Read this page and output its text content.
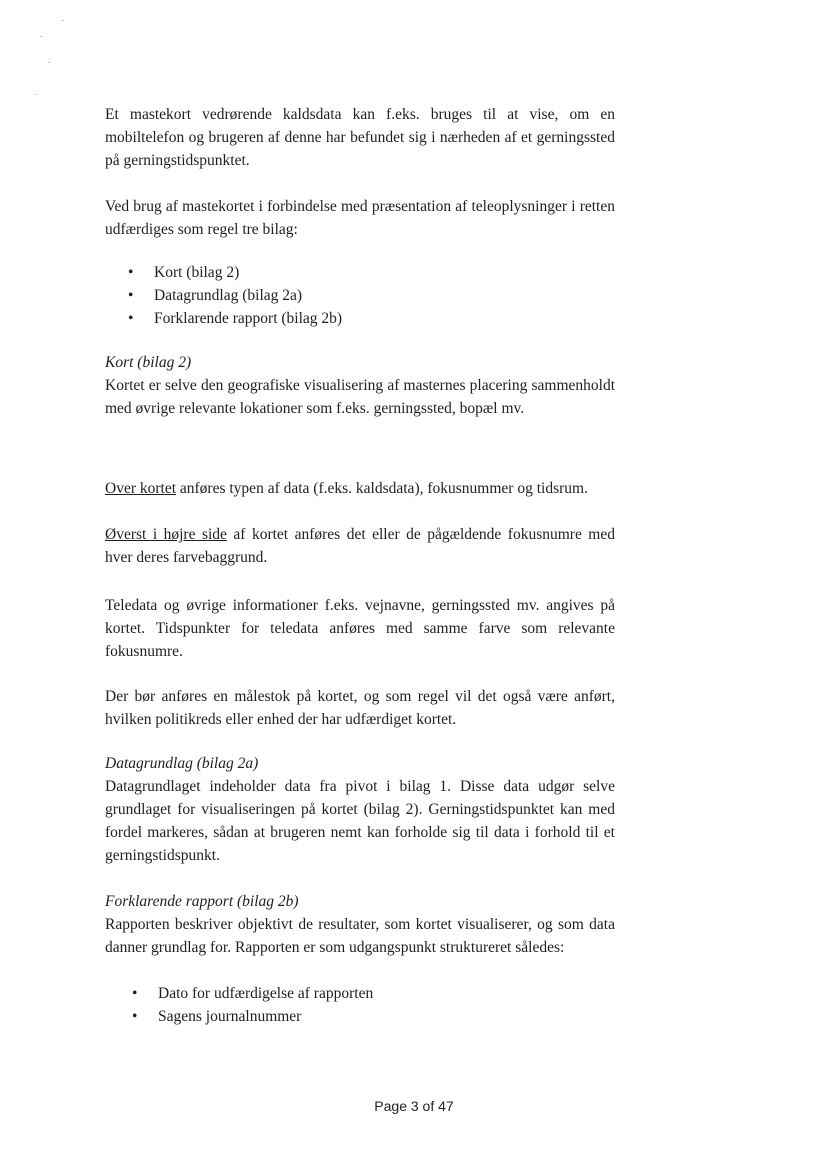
Et mastekort vedrørende kaldsdata kan f.eks. bruges til at vise, om en mobiltelefon og brugeren af denne har befundet sig i nærheden af et gerningssted på gerningstidspunktet.

Ved brug af mastekortet i forbindelse med præsentation af teleoplysninger i retten udfærdiges som regel tre bilag:

•	Kort (bilag 2)
•	Datagrundlag (bilag 2a)
•	Forklarende rapport (bilag 2b)
Kort (bilag 2)

Kortet er selve den geografiske visualisering af masternes placering sammenholdt med øvrige relevante lokationer som f.eks. gerningssted, bopæl mv.

Over kortet anføres typen af data (f.eks. kaldsdata), fokusnummer og tidsrum.

Øverst i højre side af kortet anføres det eller de pågældende fokusnumre med hver deres farvebaggrund.

Teledata og øvrige informationer f.eks. vejnavne, gerningssted mv. angives på kortet. Tidspunkter for teledata anføres med samme farve som relevante fokusnumre.

Der bør anføres en målestok på kortet, og som regel vil det også være anført, hvilken politikreds eller enhed der har udfærdiget kortet.

Datagrundlag (bilag 2a)

Datagrundlaget indeholder data fra pivot i bilag 1. Disse data udgør selve grundlaget for visualiseringen på kortet (bilag 2). Gerningstidspunktet kan med fordel markeres, sådan at brugeren nemt kan forholde sig til data i forhold til et gerningstidspunkt.

Forklarende rapport (bilag 2b)

Rapporten beskriver objektivt de resultater, som kortet visualiserer, og som data danner grundlag for. Rapporten er som udgangspunkt struktureret således:

•	Dato for udfærdigelse af rapporten
•	Sagens journalnummer
Page 3 of 47
